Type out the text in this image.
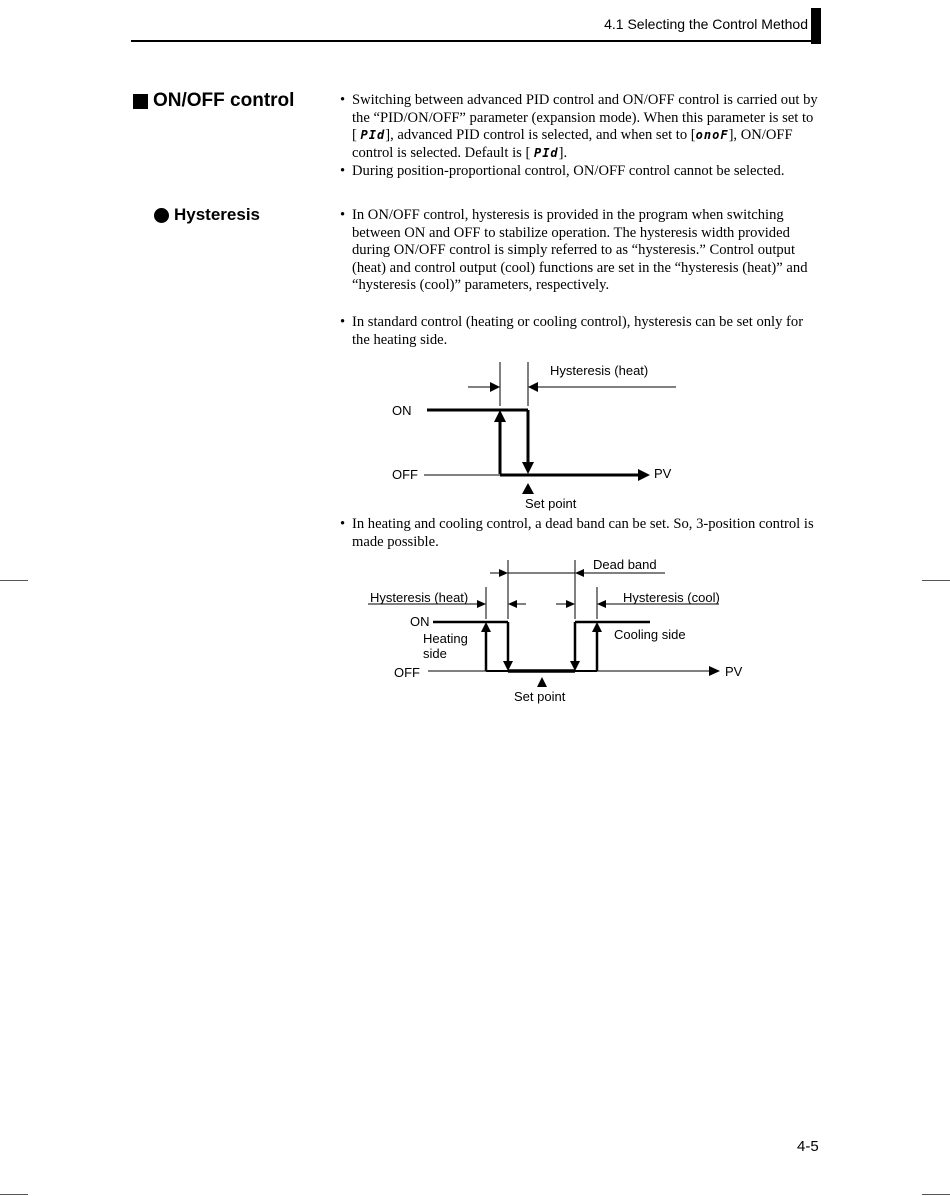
4.1 Selecting the Control Method
ON/OFF control
Hysteresis
• Switching between advanced PID control and ON/OFF control is carried out by the “PID/ON/OFF” parameter (expansion mode). When this parameter is set to [ PId], advanced PID control is selected, and when set to [onoF], ON/OFF control is selected. Default is [ PId].
• During position-proportional control, ON/OFF control cannot be selected.
• In ON/OFF control, hysteresis is provided in the program when switching between ON and OFF to stabilize operation. The hysteresis width provided during ON/OFF control is simply referred to as “hysteresis.” Control output (heat) and control output (cool) functions are set in the “hysteresis (heat)” and “hysteresis (cool)” parameters, respectively.
• In standard control (heating or cooling control), hysteresis can be set only for the heating side.
Hysteresis (heat)
ON
OFF	PV
Set point
• In heating and cooling control, a dead band can be set. So, 3-position control is made possible.
Dead band
Hysteresis (heat)	Hysteresis (cool)
ON
Heating
side
Cooling side
OFF	PV
Set point
4-5
